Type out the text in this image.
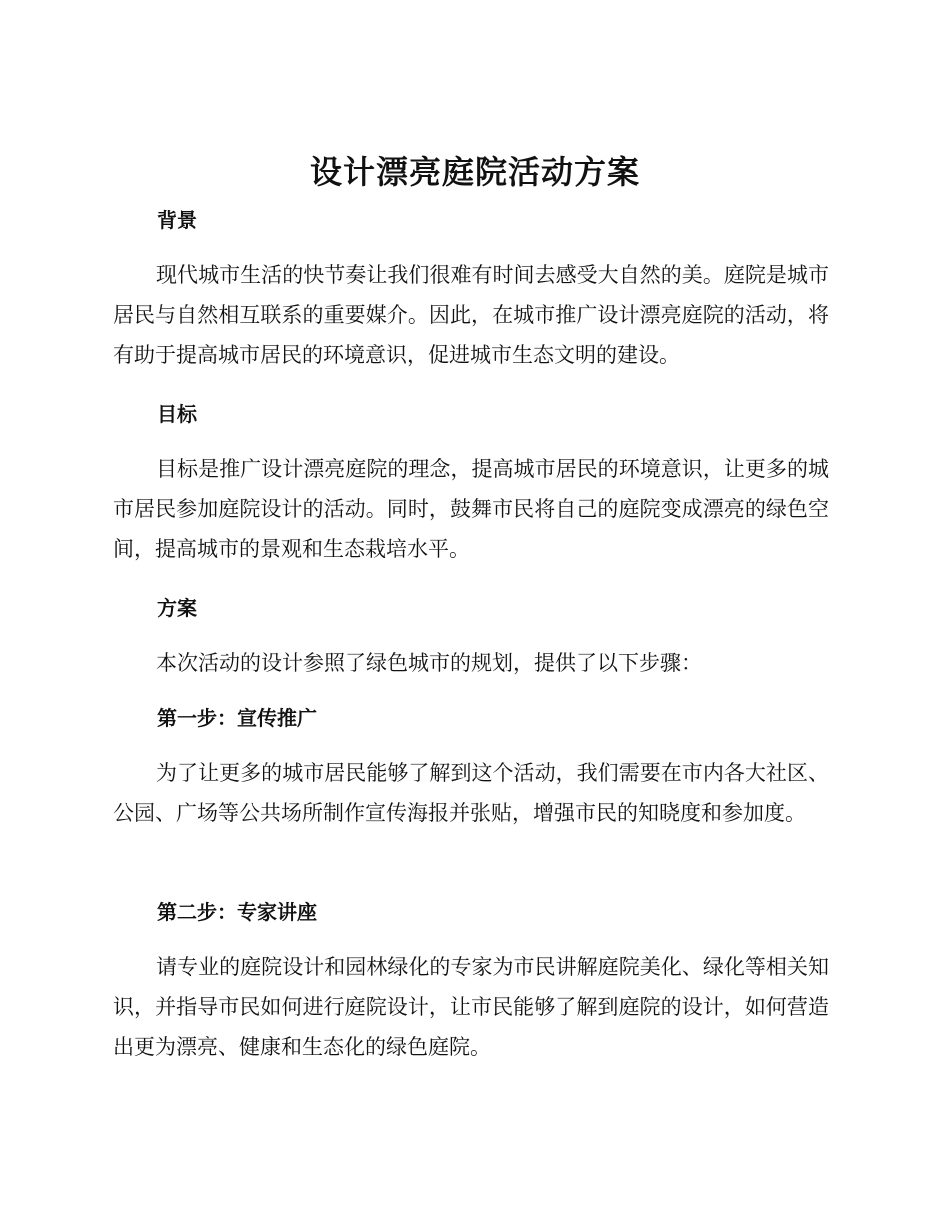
设计漂亮庭院活动方案
背景
现代城市生活的快节奏让我们很难有时间去感受大自然的美。庭院是城市居民与自然相互联系的重要媒介。因此，在城市推广设计漂亮庭院的活动，将有助于提高城市居民的环境意识，促进城市生态文明的建设。
目标
目标是推广设计漂亮庭院的理念，提高城市居民的环境意识，让更多的城市居民参加庭院设计的活动。同时，鼓舞市民将自己的庭院变成漂亮的绿色空间，提高城市的景观和生态栽培水平。
方案
本次活动的设计参照了绿色城市的规划，提供了以下步骤：
第一步：宣传推广
为了让更多的城市居民能够了解到这个活动，我们需要在市内各大社区、公园、广场等公共场所制作宣传海报并张贴，增强市民的知晓度和参加度。
第二步：专家讲座
请专业的庭院设计和园林绿化的专家为市民讲解庭院美化、绿化等相关知识，并指导市民如何进行庭院设计，让市民能够了解到庭院的设计，如何营造出更为漂亮、健康和生态化的绿色庭院。
